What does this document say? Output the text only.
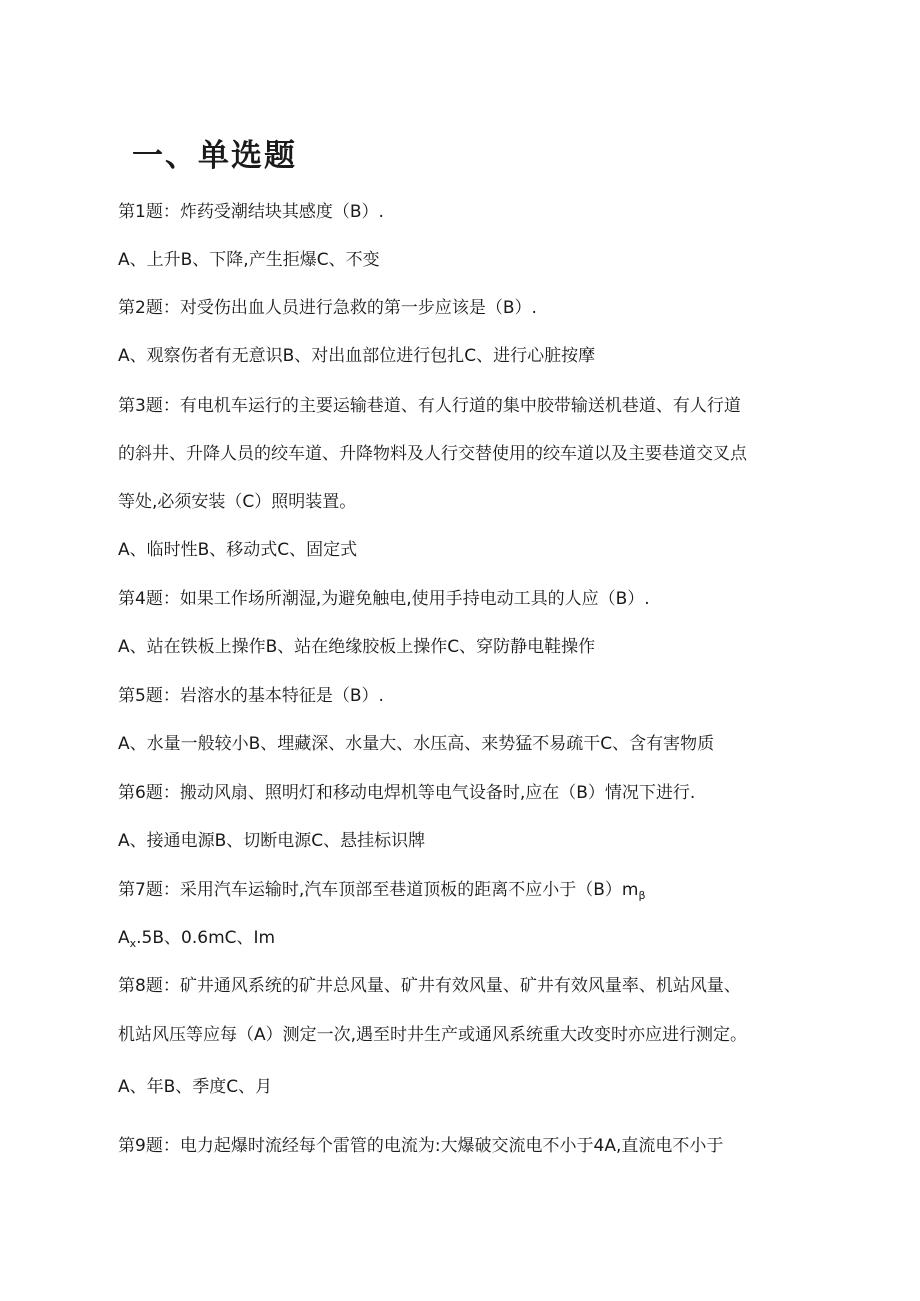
一、单选题
第1题：炸药受潮结块其感度（B）.
A、上升B、下降,产生拒爆C、不变
第2题：对受伤出血人员进行急救的第一步应该是（B）.
A、观察伤者有无意识B、对出血部位进行包扎C、进行心脏按摩
第3题：有电机车运行的主要运输巷道、有人行道的集中胶带输送机巷道、有人行道
的斜井、升降人员的绞车道、升降物料及人行交替使用的绞车道以及主要巷道交叉点
等处,必须安装（C）照明装置。
A、临时性B、移动式C、固定式
第4题：如果工作场所潮湿,为避免触电,使用手持电动工具的人应（B）.
A、站在铁板上操作B、站在绝缘胶板上操作C、穿防静电鞋操作
第5题：岩溶水的基本特征是（B）.
A、水量一般较小B、埋藏深、水量大、水压高、来势猛不易疏干C、含有害物质
第6题：搬动风扇、照明灯和移动电焊机等电气设备时,应在（B）情况下进行.
A、接通电源B、切断电源C、悬挂标识牌
第7题：采用汽车运输时,汽车顶部至巷道顶板的距离不应小于$(B)m_\beta$
$A_x.5B$、0.6mC、Im
第8题：矿井通风系统的矿井总风量、矿井有效风量、矿井有效风量率、机站风量、
机站风压等应每（A）测定一次,遇至时井生产或通风系统重大改变时亦应进行测定。
A、年B、季度C、月
第9题：电力起爆时流经每个雷管的电流为:大爆破交流电不小于4A,直流电不小于
